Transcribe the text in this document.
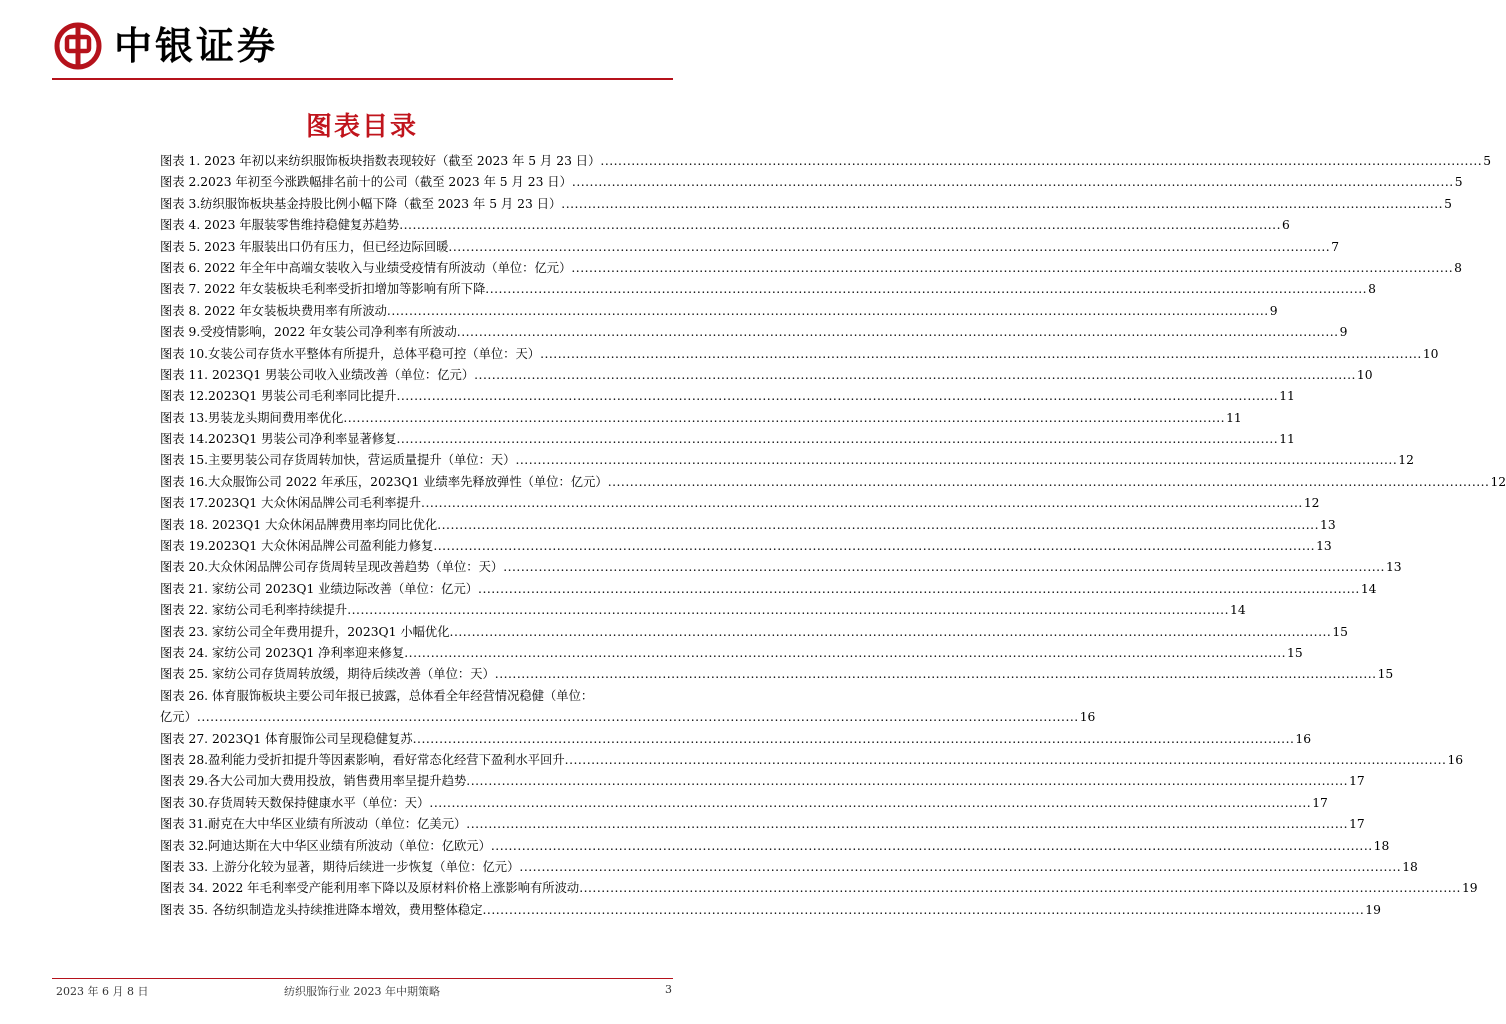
中银证券
图表目录
图表 1. 2023 年初以来纺织服饰板块指数表现较好（截至 2023 年 5 月 23 日） ........................................................................................................................................................................................................ 5
图表 2.2023 年初至今涨跌幅排名前十的公司（截至 2023 年 5 月 23 日） ........................................................................................................................................................................................................ 5
图表 3.纺织服饰板块基金持股比例小幅下降（截至 2023 年 5 月 23 日） ........................................................................................................................................................................................................ 5
图表 4. 2023 年服装零售维持稳健复苏趋势 ........................................................................................................................................................................................................ 6
图表 5. 2023 年服装出口仍有压力，但已经边际回暖 ........................................................................................................................................................................................................ 7
图表 6. 2022 年全年中高端女装收入与业绩受疫情有所波动（单位：亿元） ........................................................................................................................................................................................................ 8
图表 7. 2022 年女装板块毛利率受折扣增加等影响有所下降 ........................................................................................................................................................................................................ 8
图表 8. 2022 年女装板块费用率有所波动 ........................................................................................................................................................................................................ 9
图表 9.受疫情影响，2022 年女装公司净利率有所波动 ........................................................................................................................................................................................................ 9
图表 10.女装公司存货水平整体有所提升，总体平稳可控（单位：天） ........................................................................................................................................................................................................ 10
图表 11. 2023Q1 男装公司收入业绩改善（单位：亿元） ........................................................................................................................................................................................................ 10
图表 12.2023Q1 男装公司毛利率同比提升 ........................................................................................................................................................................................................ 11
图表 13.男装龙头期间费用率优化 ........................................................................................................................................................................................................ 11
图表 14.2023Q1 男装公司净利率显著修复 ........................................................................................................................................................................................................ 11
图表 15.主要男装公司存货周转加快，营运质量提升（单位：天） ........................................................................................................................................................................................................ 12
图表 16.大众服饰公司 2022 年承压，2023Q1 业绩率先释放弹性（单位：亿元） ........................................................................................................................................................................................................ 12
图表 17.2023Q1 大众休闲品牌公司毛利率提升 ........................................................................................................................................................................................................ 12
图表 18. 2023Q1 大众休闲品牌费用率均同比优化 ........................................................................................................................................................................................................ 13
图表 19.2023Q1 大众休闲品牌公司盈利能力修复 ........................................................................................................................................................................................................ 13
图表 20.大众休闲品牌公司存货周转呈现改善趋势（单位：天） ........................................................................................................................................................................................................ 13
图表 21. 家纺公司 2023Q1 业绩边际改善（单位：亿元） ........................................................................................................................................................................................................ 14
图表 22. 家纺公司毛利率持续提升 ........................................................................................................................................................................................................ 14
图表 23. 家纺公司全年费用提升，2023Q1 小幅优化 ........................................................................................................................................................................................................ 15
图表 24. 家纺公司 2023Q1 净利率迎来修复 ........................................................................................................................................................................................................ 15
图表 25. 家纺公司存货周转放缓，期待后续改善（单位：天） ........................................................................................................................................................................................................ 15
图表 26. 体育服饰板块主要公司年报已披露，总体看全年经营情况稳健（单位：
亿元） ........................................................................................................................................................................................................ 16
图表 27. 2023Q1 体育服饰公司呈现稳健复苏 ........................................................................................................................................................................................................ 16
图表 28.盈利能力受折扣提升等因素影响，看好常态化经营下盈利水平回升 ........................................................................................................................................................................................................ 16
图表 29.各大公司加大费用投放，销售费用率呈提升趋势 ........................................................................................................................................................................................................ 17
图表 30.存货周转天数保持健康水平（单位：天） ........................................................................................................................................................................................................ 17
图表 31.耐克在大中华区业绩有所波动（单位：亿美元） ........................................................................................................................................................................................................ 17
图表 32.阿迪达斯在大中华区业绩有所波动（单位：亿欧元） ........................................................................................................................................................................................................ 18
图表 33. 上游分化较为显著，期待后续进一步恢复（单位：亿元） ........................................................................................................................................................................................................ 18
图表 34. 2022 年毛利率受产能利用率下降以及原材料价格上涨影响有所波动 ........................................................................................................................................................................................................ 19
图表 35. 各纺织制造龙头持续推进降本增效，费用整体稳定 ........................................................................................................................................................................................................ 19
2023 年 6 月 8 日	纺织服饰行业 2023 年中期策略	3
